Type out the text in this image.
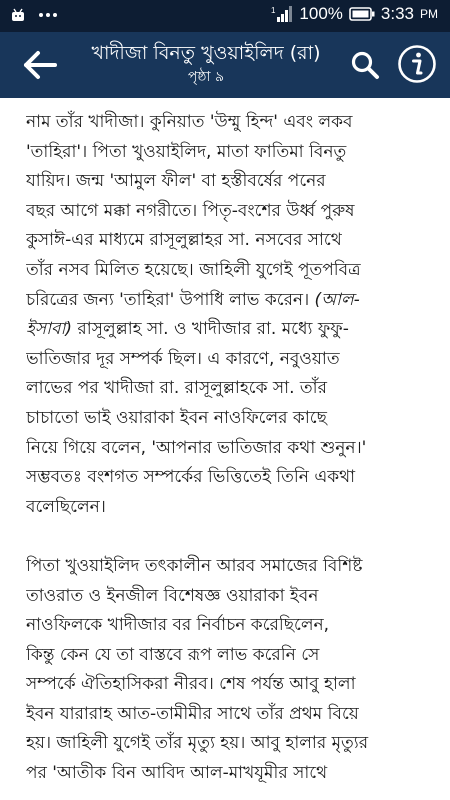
1 100% 3:33 PM
খাদীজা বিনতু খুওয়াইলিদ (রা)
পৃষ্ঠা ৯
নাম তাঁর খাদীজা। কুনিয়াত 'উম্মু হিন্দ' এবং লকব
'তাহিরা'। পিতা খুওয়াইলিদ, মাতা ফাতিমা বিনতু
যায়িদ। জন্ম 'আমুল ফীল' বা হস্তীবর্ষের পনের
বছর আগে মক্কা নগরীতে। পিতৃ-বংশের উর্ধ্ব পুরুষ
কুসাঈ-এর মাধ্যমে রাসূলুল্লাহর সা. নসবের সাথে
তাঁর নসব মিলিত হয়েছে। জাহিলী যুগেই পূতপবিত্র
চরিত্রের জন্য 'তাহিরা' উপাধি লাভ করেন। (আল-
ইসাবা) রাসূলুল্লাহ সা. ও খাদীজার রা. মধ্যে ফুফু-
ভাতিজার দূর সম্পর্ক ছিল। এ কারণে, নবুওয়াত
লাভের পর খাদীজা রা. রাসূলুল্লাহকে সা. তাঁর
চাচাতো ভাই ওয়ারাকা ইবন নাওফিলের কাছে
নিয়ে গিয়ে বলেন, 'আপনার ভাতিজার কথা শুনুন।'
সম্ভবতঃ বংশগত সম্পর্কের ভিত্তিতেই তিনি একথা
বলেছিলেন।
পিতা খুওয়াইলিদ তৎকালীন আরব সমাজের বিশিষ্ট
তাওরাত ও ইনজীল বিশেষজ্ঞ ওয়ারাকা ইবন
নাওফিলকে খাদীজার বর নির্বাচন করেছিলেন,
কিন্তু কেন যে তা বাস্তবে রূপ লাভ করেনি সে
সম্পর্কে ঐতিহাসিকরা নীরব। শেষ পর্যন্ত আবু হালা
ইবন যারারাহ আত-তামীমীর সাথে তাঁর প্রথম বিয়ে
হয়। জাহিলী যুগেই তাঁর মৃত্যু হয়। আবু হালার মৃত্যুর
পর 'আতীক বিন আবিদ আল-মাখযূমীর সাথে
